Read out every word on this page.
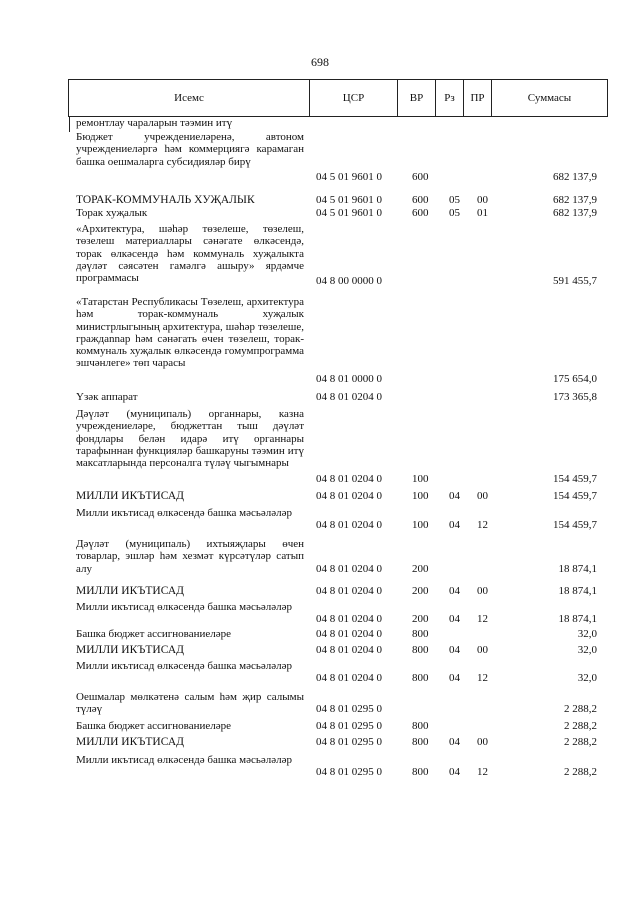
698
Исемс	ЦСР	ВР	Рз	ПР	Суммасы
ремонтлау чараларын тәэмин итү
Бюджет учреждениеләренә, автоном учреждениеләргә һәм коммерциягә карамаган башка оешмаларга субсидияләр бирү
04 5 01 9601 0	600	682 137,9
ТОРАК-КОММУНАЛЬ ХУҖАЛЫК	04 5 01 9601 0	600 05 00	682 137,9
Торак хуҗалык	04 5 01 9601 0	600 05 01	682 137,9
«Архитектура, шәһәр төзелеше, төзелеш, төзелеш материаллары сәнәгате өлкәсендә, торак өлкәсендә һәм коммуналь хуҗалыкта дәүләт сәясәтен гамәлгә ашыру» ярдәмче программасы	04 8 00 0000 0	591 455,7
«Татарстан Республикасы Төзелеш, архитектура һәм торак-коммуналь хуҗалык министрлыгының архитектура, шәһәр төзелеше, граждannар һәм сәнәгать өчен төзелеш, торак-коммуналь хуҗалык өлкәсендә гомумпрограмма эшчәнлеге» төп чарасы
04 8 01 0000 0	175 654,0
Үзәк аппарат	04 8 01 0204 0	173 365,8
Дәүләт (муниципаль) органнары, казна учреждениеләре, бюджеттан тыш дәүләт фондлары белән идарә итү органнары тарафыннан функцияләр башкаруны тәэмин итү максатларында персоналга түләү чыгымнары
04 8 01 0204 0	100	154 459,7
МИЛЛИ ИКЪТИСАД	04 8 01 0204 0	100 04 00	154 459,7
Милли икътисад өлкәсендә башка мәсьәләләр
04 8 01 0204 0	100 04 12	154 459,7
Дәүләт (муниципаль) ихтыяҗлары өчен товарлар, эшләр һәм хезмәт күрсәтүләр сатып алу	04 8 01 0204 0	200	18 874,1
МИЛЛИ ИКЪТИСАД	04 8 01 0204 0	200 04 00	18 874,1
Милли икътисад өлкәсендә башка мәсьәләләр
04 8 01 0204 0	200 04 12	18 874,1
Башка бюджет ассигнованиеләре	04 8 01 0204 0	800	32,0
МИЛЛИ ИКЪТИСАД	04 8 01 0204 0	800 04 00	32,0
Милли икътисад өлкәсендә башка мәсьәләләр
04 8 01 0204 0	800 04 12	32,0
Оешмалар мөлкәтенә салым һәм җир салымы түләү	04 8 01 0295 0	2 288,2
Башка бюджет ассигнованиеләре	04 8 01 0295 0	800	2 288,2
МИЛЛИ ИКЪТИСАД	04 8 01 0295 0	800 04 00	2 288,2
Милли икътисад өлкәсендә башка мәсьәләләр
04 8 01 0295 0	800 04 12	2 288,2
